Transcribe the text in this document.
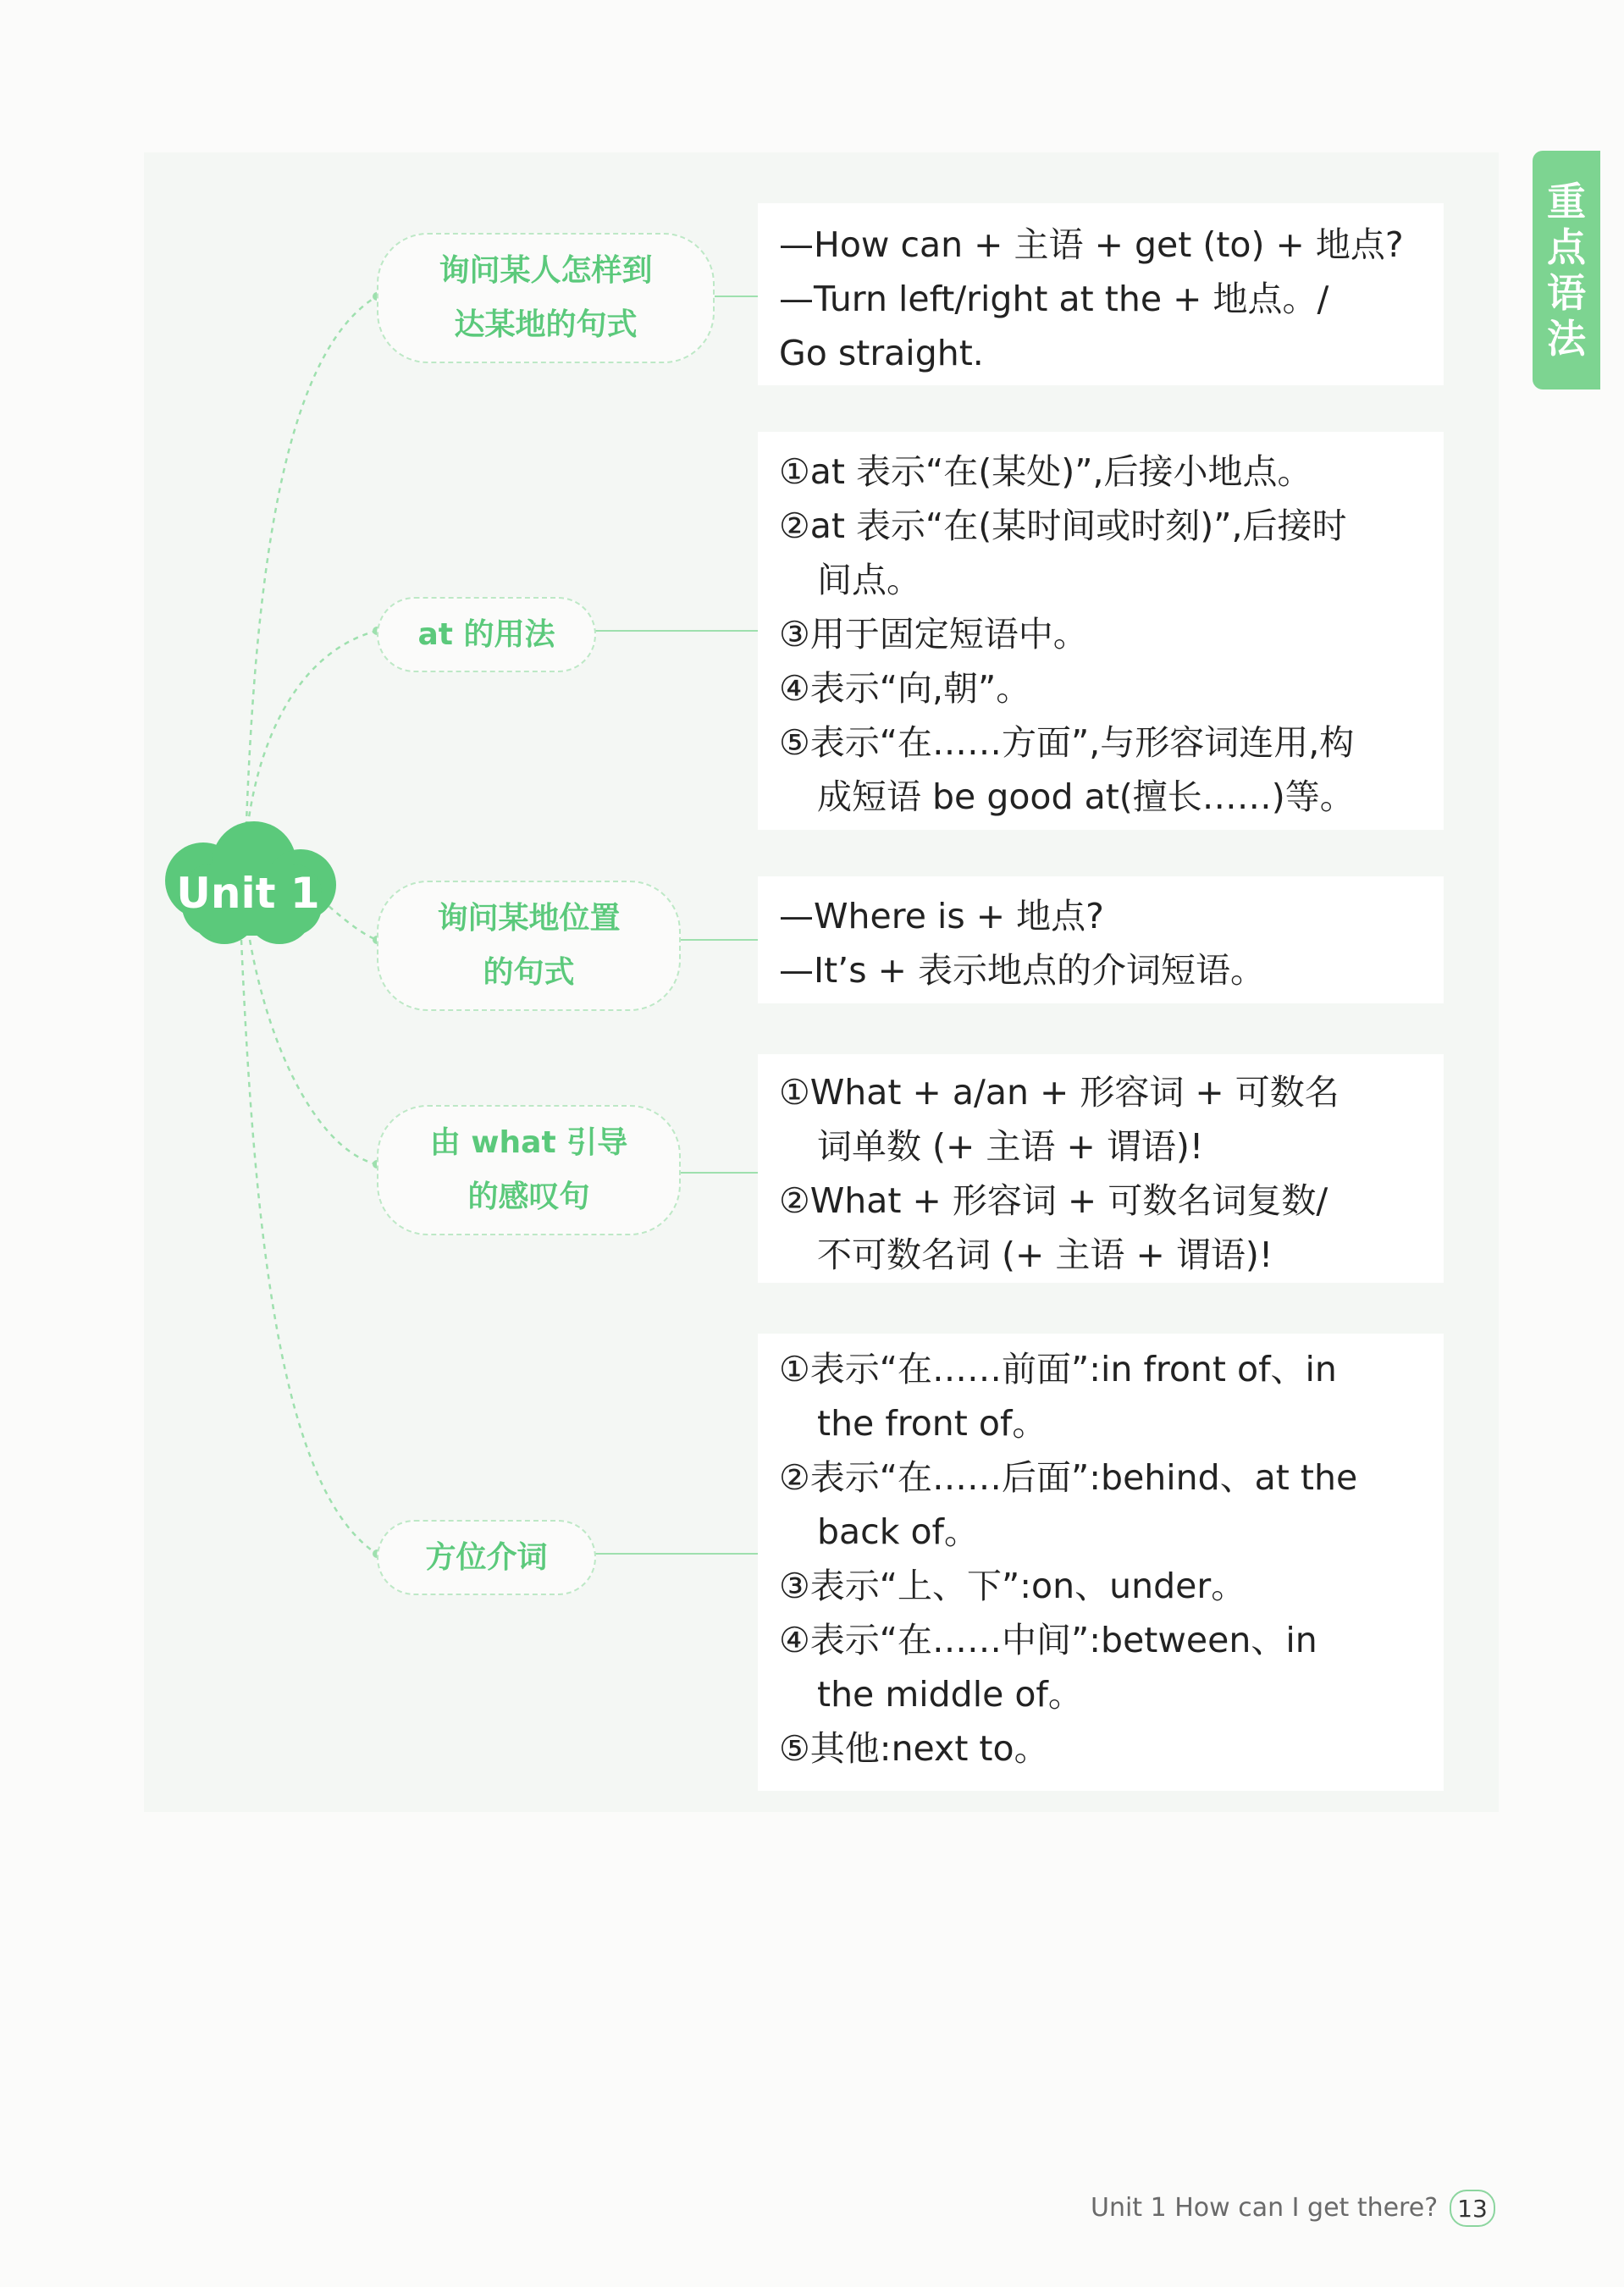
重
点
语
法
Unit 1
询问某人怎样到
达某地的句式
at 的用法
询问某地位置
的句式
由 what 引导
的感叹句
方位介词
—How can + 主语 + get (to) + 地点?
—Turn left/right at the + 地点。/
Go straight.
①at 表示“在(某处)”,后接小地点。
②at 表示“在(某时间或时刻)”,后接时
间点。
③用于固定短语中。
④表示“向,朝”。
⑤表示“在……方面”,与形容词连用,构
成短语 be good at(擅长……)等。
—Where is + 地点?
—It’s + 表示地点的介词短语。
①What + a/an + 形容词 + 可数名
词单数 (+ 主语 + 谓语)!
②What + 形容词 + 可数名词复数/
不可数名词 (+ 主语 + 谓语)!
①表示“在……前面”:in front of、in
the front of。
②表示“在……后面”:behind、at the
back of。
③表示“上、下”:on、under。
④表示“在……中间”:between、in
the middle of。
⑤其他:next to。
Unit 1 How can I get there? 13
